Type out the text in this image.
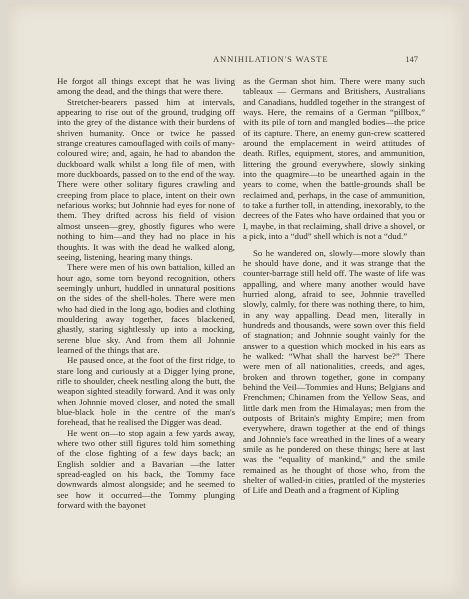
ANNIHILATION'S WASTE	147

He forgot all things except that he was living among the dead, and the things that were there.

Stretcher-bearers passed him at intervals, appearing to rise out of the ground, trudging off into the grey of the distance with their burdens of shriven humanity. Once or twice he passed strange creatures camouflaged with coils of many-coloured wire; and, again, he had to abandon the duckboard walk whilst a long file of men, with more duckboards, passed on to the end of the way. There were other solitary figures crawling and creeping from place to place, intent on their own nefarious works; but Johnnie had eyes for none of them. They drifted across his field of vision almost unseen—grey, ghostly figures who were nothing to him—and they had no place in his thoughts. It was with the dead he walked along, seeing, listening, hearing many things.

There were men of his own battalion, killed an hour ago, some torn beyond recognition, others seemingly unhurt, huddled in unnatural positions on the sides of the shell-holes. There were men who had died in the long ago, bodies and clothing mouldering away together, faces blackened, ghastly, staring sightlessly up into a mocking, serene blue sky. And from them all Johnnie learned of the things that are.

He paused once, at the foot of the first ridge, to stare long and curiously at a Digger lying prone, rifle to shoulder, cheek nestling along the butt, the weapon sighted steadily forward. And it was only when Johnnie moved closer, and noted the small blue-black hole in the centre of the man's forehead, that he realised the Digger was dead.

He went on—to stop again a few yards away, where two other still figures told him something of the close fighting of a few days back; an English soldier and a Bavarian —the latter spread-eagled on his back, the Tommy face downwards almost alongside; and he seemed to see how it occurred—the Tommy plunging forward with the bayonet

as the German shot him. There were many such tableaux — Germans and Britishers, Australians and Canadians, huddled together in the strangest of ways. Here, the remains of a German “pillbox,” with its pile of torn and mangled bodies—the price of its capture. There, an enemy gun-crew scattered around the emplacement in weird attitudes of death. Rifles, equipment, stores, and ammunition, littering the ground everywhere, slowly sinking into the quagmire—to be unearthed again in the years to come, when the battle-grounds shall be reclaimed and, perhaps, in the case of ammunition, to take a further toll, in attending, inexorably, to the decrees of the Fates who have ordained that you or I, maybe, in that reclaiming, shall drive a shovel, or a pick, into a “dud” shell which is not a “dud.”

So he wandered on, slowly—more slowly than he should have done, and it was strange that the counter-barrage still held off. The waste of life was appalling, and where many another would have hurried along, afraid to see, Johnnie travelled slowly, calmly, for there was nothing there, to him, in any way appalling. Dead men, literally in hundreds and thousands, were sown over this field of stagnation; and Johnnie sought vainly for the answer to a question which mocked in his ears as he walked: “What shall the harvest be?” There were men of all nationalities, creeds, and ages, broken and thrown together, gone in company behind the Veil—Tommies and Huns; Belgians and Frenchmen; Chinamen from the Yellow Seas, and little dark men from the Himalayas; men from the outposts of Britain's mighty Empire; men from everywhere, drawn together at the end of things and Johnnie's face wreathed in the lines of a weary smile as he pondered on these things; here at last was the “equality of mankind,” and the smile remained as he thought of those who, from the shelter of walled-in cities, prattled of the mysteries of Life and Death and a fragment of Kipling
